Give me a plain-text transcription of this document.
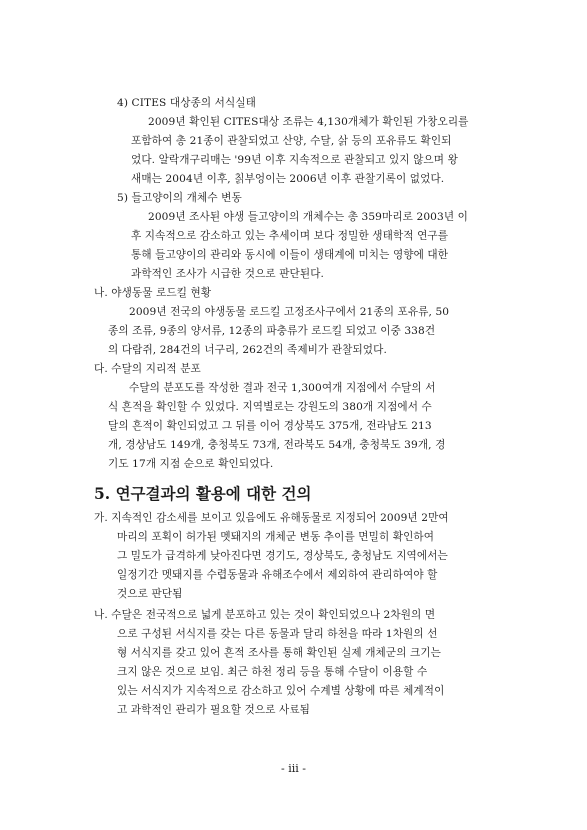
4) CITES 대상종의 서식실태
2009년 확인된 CITES대상 조류는 4,130개체가 확인된 가창오리를
포함하여 총 21종이 관찰되었고 산양, 수달, 삵 등의 포유류도 확인되
었다. 알락개구리매는 '99년 이후 지속적으로 관찰되고 있지 않으며 왕
새매는 2004년 이후, 칡부엉이는 2006년 이후 관찰기록이 없었다.
5) 들고양이의 개체수 변동
2009년 조사된 야생 들고양이의 개체수는 총 359마리로 2003년 이
후 지속적으로 감소하고 있는 추세이며 보다 정밀한 생태학적 연구를
통해 들고양이의 관리와 동시에 이들이 생태계에 미치는 영향에 대한
과학적인 조사가 시급한 것으로 판단된다.
나. 야생동물 로드킬 현황
2009년 전국의 야생동물 로드킬 고정조사구에서 21종의 포유류, 50
종의 조류, 9종의 양서류, 12종의 파충류가 로드킬 되었고 이중 338건
의 다람쥐, 284건의 너구리, 262건의 족제비가 관찰되었다.
다. 수달의 지리적 분포
수달의 분포도를 작성한 결과 전국 1,300여개 지점에서 수달의 서
식 흔적을 확인할 수 있었다. 지역별로는 강원도의 380개 지점에서 수
달의 흔적이 확인되었고 그 뒤를 이어 경상북도 375개, 전라남도 213
개, 경상남도 149개, 충청북도 73개, 전라북도 54개, 충청북도 39개, 경
기도 17개 지점 순으로 확인되었다.
5. 연구결과의 활용에 대한 건의
가. 지속적인 감소세를 보이고 있음에도 유해동물로 지정되어 2009년 2만여
마리의 포획이 허가된 멧돼지의 개체군 변동 추이를 면밀히 확인하여
그 밀도가 급격하게 낮아진다면 경기도, 경상북도, 충청남도 지역에서는
일정기간 멧돼지를 수렵동물과 유해조수에서 제외하여 관리하여야 할
것으로 판단됨
나. 수달은 전국적으로 넓게 분포하고 있는 것이 확인되었으나 2차원의 면
으로 구성된 서식지를 갖는 다른 동물과 달리 하천을 따라 1차원의 선
형 서식지를 갖고 있어 흔적 조사를 통해 확인된 실제 개체군의 크기는
크지 않은 것으로 보임. 최근 하천 정리 등을 통해 수달이 이용할 수
있는 서식지가 지속적으로 감소하고 있어 수계별 상황에 따른 체계적이
고 과학적인 관리가 필요할 것으로 사료됨
- iii -
